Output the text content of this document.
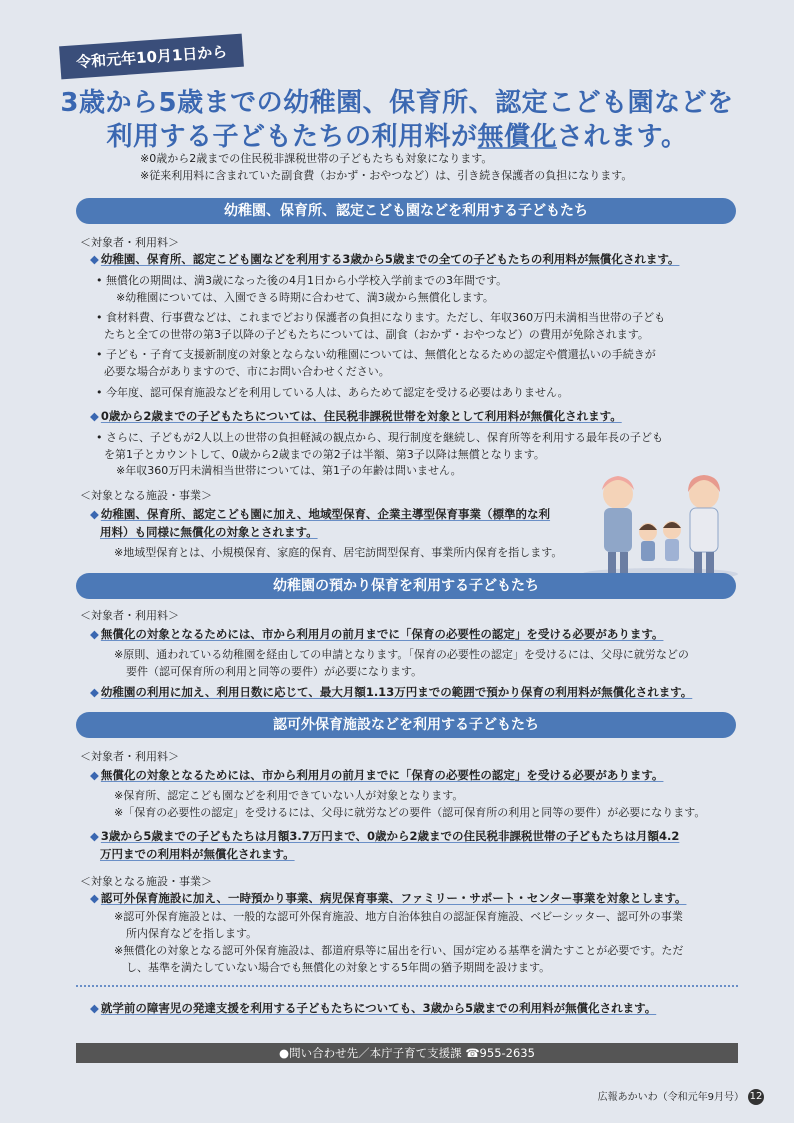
令和元年10月1日から
3歳から5歳までの幼稚園、保育所、認定こども園などを
利用する子どもたちの利用料が無償化されます。
※0歳から2歳までの住民税非課税世帯の子どもたちも対象になります。
※従来利用料に含まれていた副食費（おかず・おやつなど）は、引き続き保護者の負担になります。
幼稚園、保育所、認定こども園などを利用する子どもたち
＜対象者・利用料＞
◆ 幼稚園、保育所、認定こども園などを利用する3歳から5歳までの全ての子どもたちの利用料が無償化されます。
• 無償化の期間は、満3歳になった後の4月1日から小学校入学前までの3年間です。
※幼稚園については、入園できる時期に合わせて、満3歳から無償化します。
• 食材料費、行事費などは、これまでどおり保護者の負担になります。ただし、年収360万円未満相当世帯の子ども
たちと全ての世帯の第3子以降の子どもたちについては、副食（おかず・おやつなど）の費用が免除されます。
• 子ども・子育て支援新制度の対象とならない幼稚園については、無償化となるための認定や償還払いの手続きが
必要な場合がありますので、市にお問い合わせください。
• 今年度、認可保育施設などを利用している人は、あらためて認定を受ける必要はありません。
◆ 0歳から2歳までの子どもたちについては、住民税非課税世帯を対象として利用料が無償化されます。
• さらに、子どもが2人以上の世帯の負担軽減の観点から、現行制度を継続し、保育所等を利用する最年長の子ども
を第1子とカウントして、0歳から2歳までの第2子は半額、第3子以降は無償となります。
※年収360万円未満相当世帯については、第1子の年齢は問いません。
＜対象となる施設・事業＞
◆ 幼稚園、保育所、認定こども園に加え、地域型保育、企業主導型保育事業（標準的な利
用料）も同様に無償化の対象とされます。
※地域型保育とは、小規模保育、家庭的保育、居宅訪問型保育、事業所内保育を指します。
幼稚園の預かり保育を利用する子どもたち
＜対象者・利用料＞
◆ 無償化の対象となるためには、市から利用月の前月までに「保育の必要性の認定」を受ける必要があります。
※原則、通われている幼稚園を経由しての申請となります。「保育の必要性の認定」を受けるには、父母に就労などの
要件（認可保育所の利用と同等の要件）が必要になります。
◆ 幼稚園の利用に加え、利用日数に応じて、最大月額1.13万円までの範囲で預かり保育の利用料が無償化されます。
認可外保育施設などを利用する子どもたち
＜対象者・利用料＞
◆ 無償化の対象となるためには、市から利用月の前月までに「保育の必要性の認定」を受ける必要があります。
※保育所、認定こども園などを利用できていない人が対象となります。
※「保育の必要性の認定」を受けるには、父母に就労などの要件（認可保育所の利用と同等の要件）が必要になります。
◆ 3歳から5歳までの子どもたちは月額3.7万円まで、0歳から2歳までの住民税非課税世帯の子どもたちは月額4.2
万円までの利用料が無償化されます。
＜対象となる施設・事業＞
◆ 認可外保育施設に加え、一時預かり事業、病児保育事業、ファミリー・サポート・センター事業を対象とします。
※認可外保育施設とは、一般的な認可外保育施設、地方自治体独自の認証保育施設、ベビーシッター、認可外の事業
所内保育などを指します。
※無償化の対象となる認可外保育施設は、都道府県等に届出を行い、国が定める基準を満たすことが必要です。ただ
し、基準を満たしていない場合でも無償化の対象とする5年間の猶予期間を設けます。
◆ 就学前の障害児の発達支援を利用する子どもたちについても、3歳から5歳までの利用料が無償化されます。
●問い合わせ先／本庁子育て支援課 ☎955-2635
広報あかいわ（令和元年9月号） 12
